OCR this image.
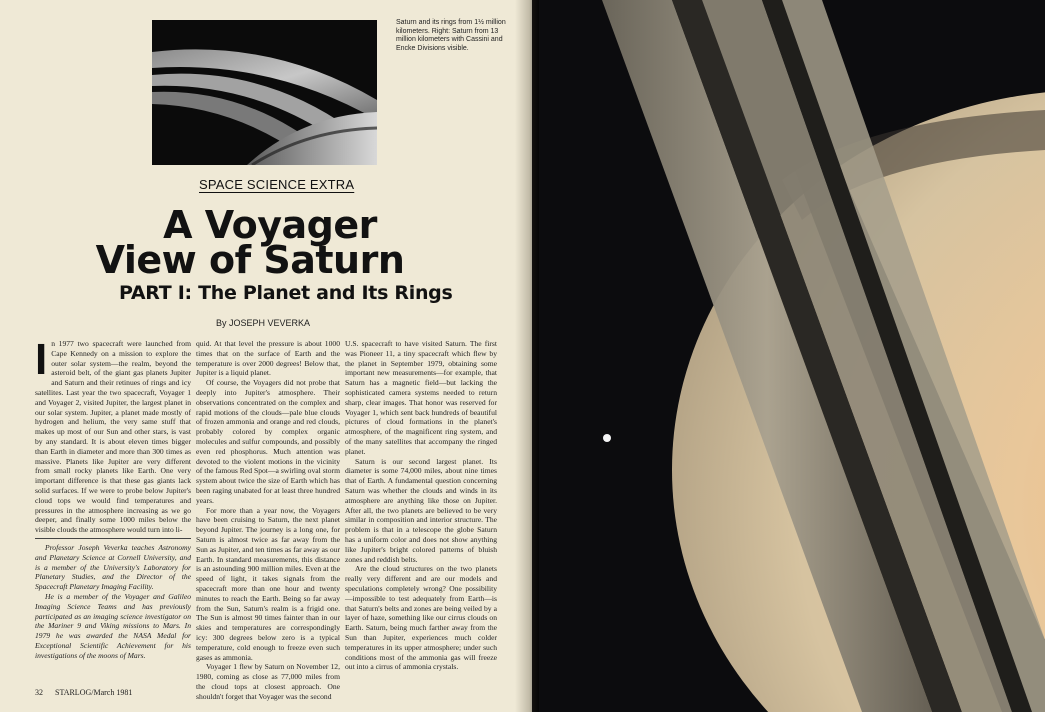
Saturn and its rings from 1½ million kilometers. Right: Saturn from 13 million kilometers with Cassini and Encke Divisions visible.
SPACE SCIENCE EXTRA
A Voyager
View of Saturn
PART I: The Planet and Its Rings
By JOSEPH VEVERKA
I n 1977 two spacecraft were launched from Cape Kennedy on a mission to explore the outer solar system—the realm, beyond the asteroid belt, of the giant gas planets Jupiter and Saturn and their retinues of rings and icy satellites. Last year the two spacecraft, Voyager 1 and Voyager 2, visited Jupiter, the largest planet in our solar system. Jupiter, a planet made mostly of hydrogen and helium, the very same stuff that makes up most of our Sun and other stars, is vast by any standard. It is about eleven times bigger than Earth in diameter and more than 300 times as massive. Planets like Jupiter are very different from small rocky planets like Earth. One very important difference is that these gas giants lack solid surfaces. If we were to probe below Jupiter's cloud tops we would find temperatures and pressures in the atmosphere increasing as we go deeper, and finally some 1000 miles below the visible clouds the atmosphere would turn into li-

Professor Joseph Veverka teaches Astronomy and Planetary Science at Cornell University, and is a member of the University's Laboratory for Planetary Studies, and the Director of the Spacecraft Planetary Imaging Facility.

He is a member of the Voyager and Galileo Imaging Science Teams and has previously participated as an imaging science investigator on the Mariner 9 and Viking missions to Mars. In 1979 he was awarded the NASA Medal for Exceptional Scientific Achievement for his investigations of the moons of Mars.

quid. At that level the pressure is about 1000 times that on the surface of Earth and the temperature is over 2000 degrees! Below that, Jupiter is a liquid planet.

Of course, the Voyagers did not probe that deeply into Jupiter's atmosphere. Their observations concentrated on the complex and rapid motions of the clouds—pale blue clouds of frozen ammonia and orange and red clouds, probably colored by complex organic molecules and sulfur compounds, and possibly even red phosphorus. Much attention was devoted to the violent motions in the vicinity of the famous Red Spot—a swirling oval storm system about twice the size of Earth which has been raging unabated for at least three hundred years.

For more than a year now, the Voyagers have been cruising to Saturn, the next planet beyond Jupiter. The journey is a long one, for Saturn is almost twice as far away from the Sun as Jupiter, and ten times as far away as our Earth. In standard measurements, this distance is an astounding 900 million miles. Even at the speed of light, it takes signals from the spacecraft more than one hour and twenty minutes to reach the Earth. Being so far away from the Sun, Saturn's realm is a frigid one. The Sun is almost 90 times fainter than in our skies and temperatures are correspondingly icy: 300 degrees below zero is a typical temperature, cold enough to freeze even such gases as ammonia.

Voyager 1 flew by Saturn on November 12, 1980, coming as close as 77,000 miles from the cloud tops at closest approach. One shouldn't forget that Voyager was the second

U.S. spacecraft to have visited Saturn. The first was Pioneer 11, a tiny spacecraft which flew by the planet in September 1979, obtaining some important new measurements—for example, that Saturn has a magnetic field—but lacking the sophisticated camera systems needed to return sharp, clear images. That honor was reserved for Voyager 1, which sent back hundreds of beautiful pictures of cloud formations in the planet's atmosphere, of the magnificent ring system, and of the many satellites that accompany the ringed planet.

Saturn is our second largest planet. Its diameter is some 74,000 miles, about nine times that of Earth. A fundamental question concerning Saturn was whether the clouds and winds in its atmosphere are anything like those on Jupiter. After all, the two planets are believed to be very similar in composition and interior structure. The problem is that in a telescope the globe Saturn has a uniform color and does not show anything like Jupiter's bright colored patterns of bluish zones and reddish belts.

Are the cloud structures on the two planets really very different and are our models and speculations completely wrong? One possibility—impossible to test adequately from Earth—is that Saturn's belts and zones are being veiled by a layer of haze, something like our cirrus clouds on Earth. Saturn, being much farther away from the Sun than Jupiter, experiences much colder temperatures in its upper atmosphere; under such conditions most of the ammonia gas will freeze out into a cirrus of ammonia crystals.

32 STARLOG/March 1981
